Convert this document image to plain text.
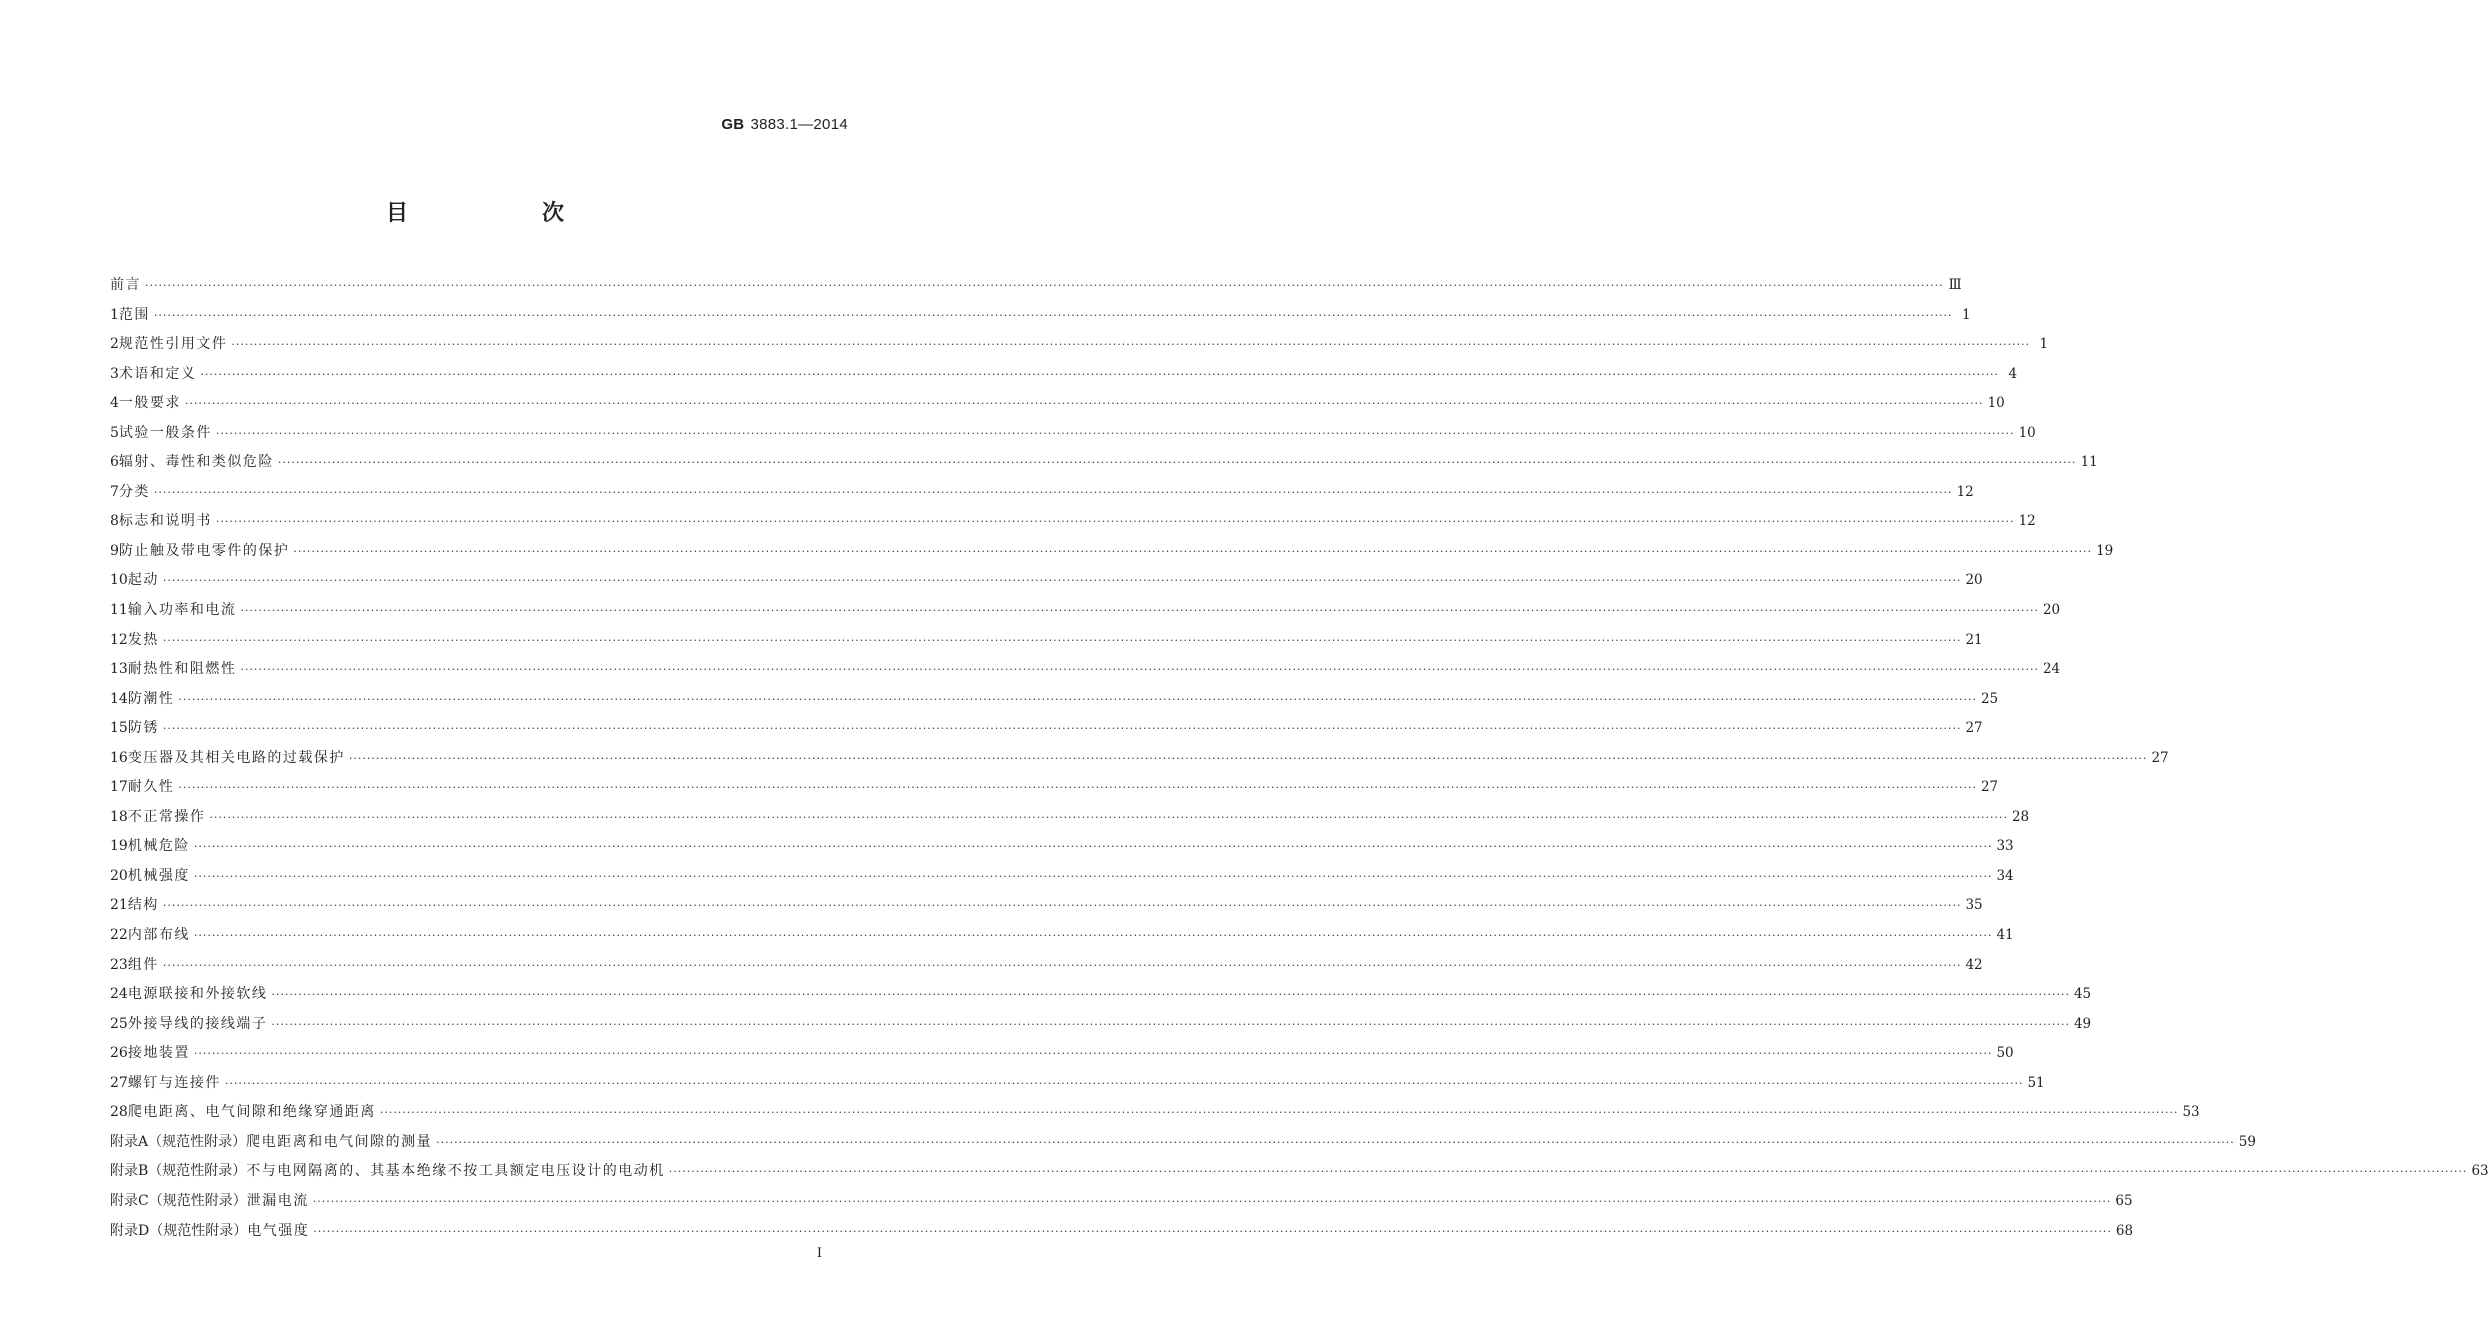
GB 3883.1—2014
目　次
前言 ················································································································································································································································································································································································································ Ⅲ
1 范围 ················································································································································································································································································································································································································ 1
2 规范性引用文件 ················································································································································································································································································································································································································ 1
3 术语和定义 ················································································································································································································································································································································································································ 4
4 一般要求 ················································································································································································································································································································································································································ 10
5 试验一般条件 ················································································································································································································································································································································································································ 10
6 辐射、毒性和类似危险 ················································································································································································································································································································································································································ 11
7 分类 ················································································································································································································································································································································································································ 12
8 标志和说明书 ················································································································································································································································································································································································································ 12
9 防止触及带电零件的保护 ················································································································································································································································································································································································································ 19
10 起动 ················································································································································································································································································································································································································ 20
11 输入功率和电流 ················································································································································································································································································································································································································ 20
12 发热 ················································································································································································································································································································································································································ 21
13 耐热性和阻燃性 ················································································································································································································································································································································································································ 24
14 防潮性 ················································································································································································································································································································································································································ 25
15 防锈 ················································································································································································································································································································································································································ 27
16 变压器及其相关电路的过载保护 ················································································································································································································································································································································································································ 27
17 耐久性 ················································································································································································································································································································································································································ 27
18 不正常操作 ················································································································································································································································································································································································································ 28
19 机械危险 ················································································································································································································································································································································································································ 33
20 机械强度 ················································································································································································································································································································································································································ 34
21 结构 ················································································································································································································································································································································································································ 35
22 内部布线 ················································································································································································································································································································································································································ 41
23 组件 ················································································································································································································································································································································································································ 42
24 电源联接和外接软线 ················································································································································································································································································································································································································ 45
25 外接导线的接线端子 ················································································································································································································································································································································································································ 49
26 接地装置 ················································································································································································································································································································································································································ 50
27 螺钉与连接件 ················································································································································································································································································································································································································ 51
28 爬电距离、电气间隙和绝缘穿通距离 ················································································································································································································································································································································································································ 53
附录A（规范性附录） 爬电距离和电气间隙的测量 ················································································································································································································································································································································································································ 59
附录B（规范性附录） 不与电网隔离的、其基本绝缘不按工具额定电压设计的电动机 ················································································································································································································································································································································································································ 63
附录C（规范性附录） 泄漏电流 ················································································································································································································································································································································································································ 65
附录D（规范性附录） 电气强度 ················································································································································································································································································································································································································ 68
I
